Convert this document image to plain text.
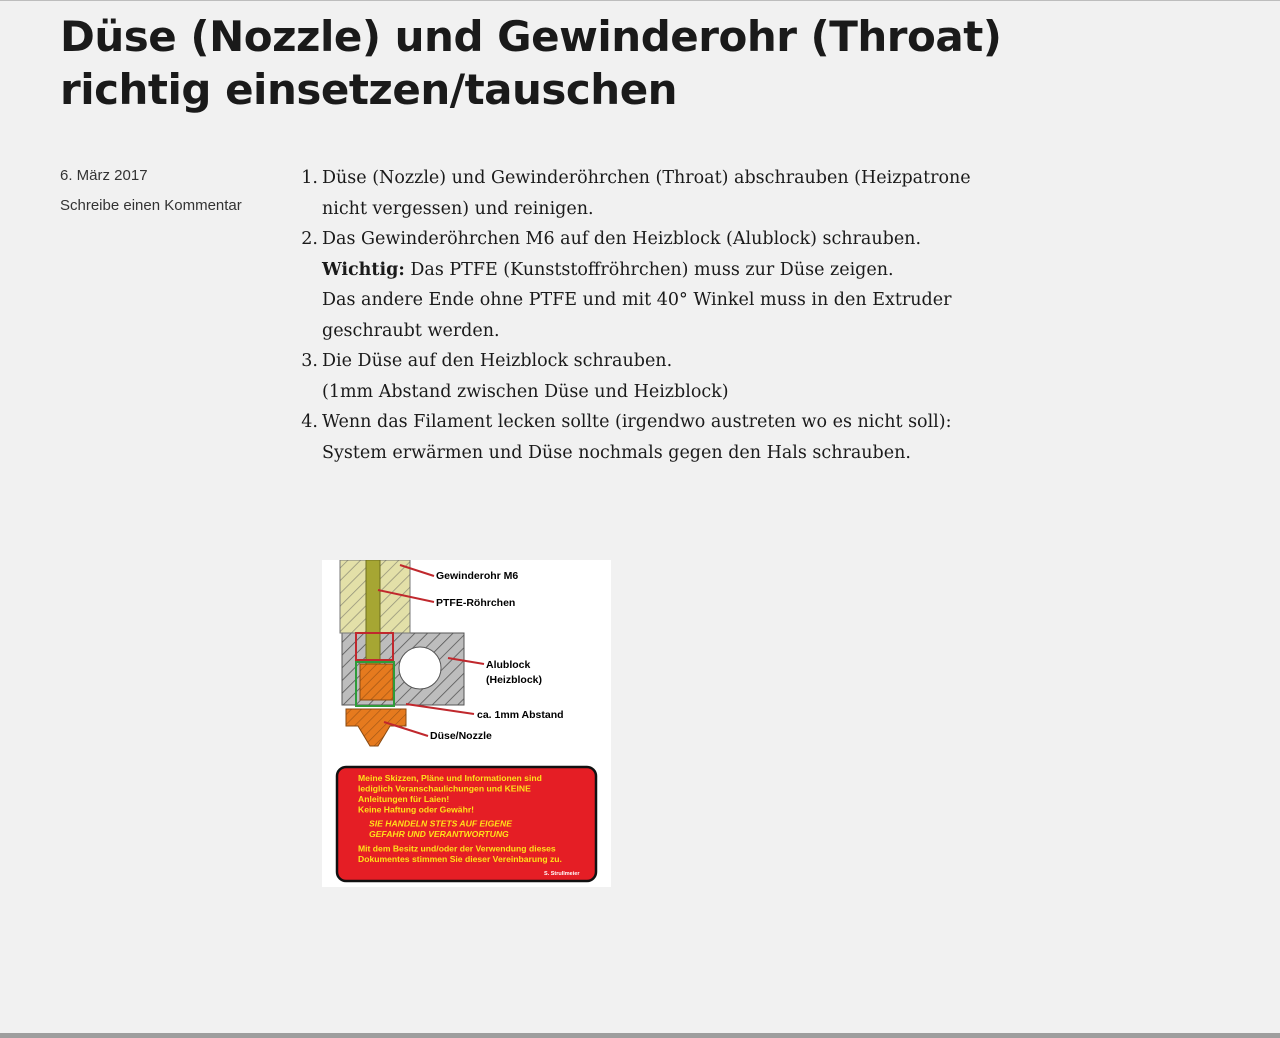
Düse (Nozzle) und Gewinderohr (Throat)
richtig einsetzen/tauschen
6. März 2017
Schreibe einen Kommentar
1. Düse (Nozzle) und Gewinderöhrchen (Throat) abschrauben (Heizpatrone
nicht vergessen) und reinigen.
2. Das Gewinderöhrchen M6 auf den Heizblock (Alublock) schrauben.
Wichtig: Das PTFE (Kunststoffröhrchen) muss zur Düse zeigen.
Das andere Ende ohne PTFE und mit 40° Winkel muss in den Extruder
geschraubt werden.
3. Die Düse auf den Heizblock schrauben.
(1mm Abstand zwischen Düse und Heizblock)
4. Wenn das Filament lecken sollte (irgendwo austreten wo es nicht soll):
System erwärmen und Düse nochmals gegen den Hals schrauben.
Gewinderohr M6
PTFE-Röhrchen
Alublock
(Heizblock)
ca. 1mm Abstand
Düse/Nozzle
Meine Skizzen, Pläne und Informationen sind
lediglich Veranschaulichungen und KEINE
Anleitungen für Laien!
Keine Haftung oder Gewähr!
SIE HANDELN STETS AUF EIGENE
GEFAHR UND VERANTWORTUNG
Mit dem Besitz und/oder der Verwendung dieses
Dokumentes stimmen Sie dieser Vereinbarung zu.
S. Strullmeier
